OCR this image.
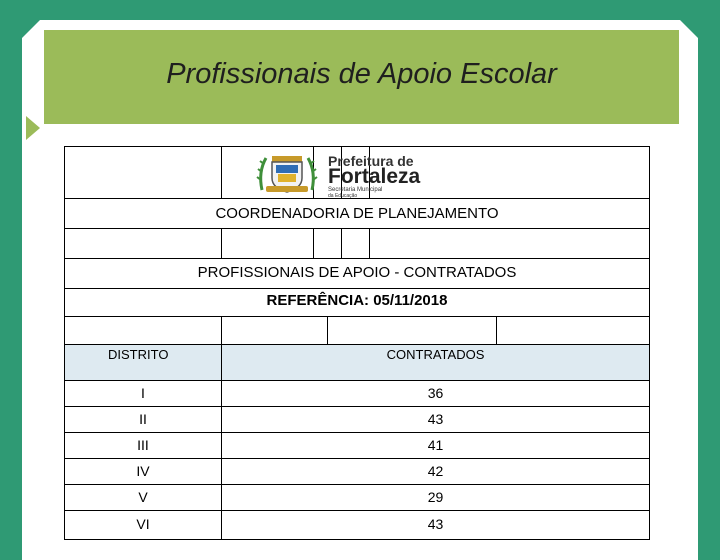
Profissionais de Apoio Escolar
Prefeitura de
Fortaleza
Secretaria Municipal
da Educação
COORDENADORIA DE PLANEJAMENTO
PROFISSIONAIS DE APOIO - CONTRATADOS
REFERÊNCIA: 05/11/2018
DISTRITO	CONTRATADOS
I	36
II	43
III	41
IV	42
V	29
VI	43
